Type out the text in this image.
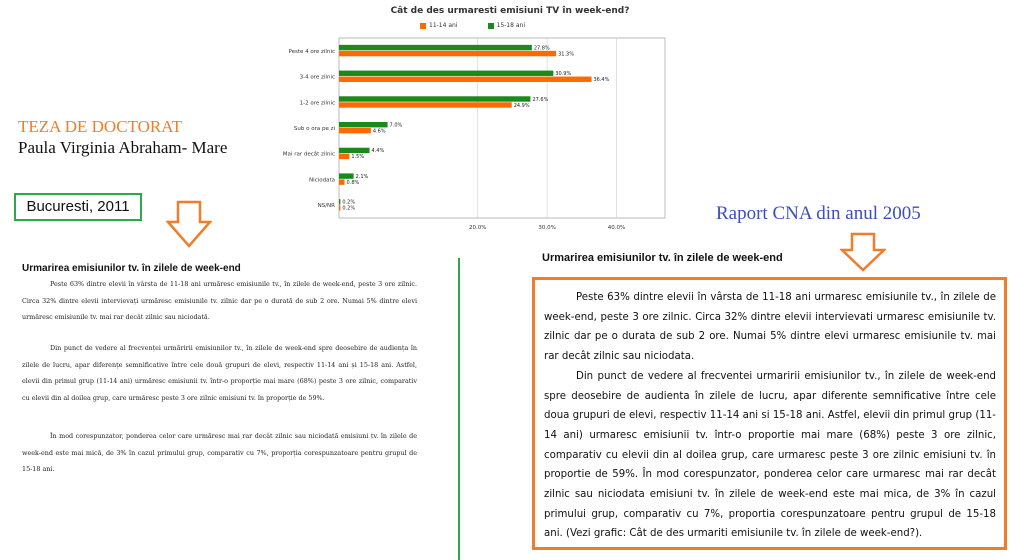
Cât de des urmaresti emisiuni TV în week-end?
11-14 ani	15-18 ani
20.0%	30.0%	40.0%
Peste 4 ore zilnic
27.8%
31.3%
3-4 ore zilnic
30.9%
36.4%
1-2 ore zilnic
27.6%
24.9%
Sub o ora pe zi
7.0%
4.6%
Mai rar decât zilnic
4.4%
1.5%
Niciodata
2.1%
0.8%
NS/NR
0.2%
0.2%
TEZA DE DOCTORAT
Paula Virginia Abraham- Mare
Bucuresti, 2011
Urmarirea emisiunilor tv. în zilele de week-end

Peste 63% dintre elevii în vârsta de 11-18 ani urmăresc emisiunile tv., în zilele de week-end, peste 3 ore zilnic. Circa 32% dintre elevii intervievați urmăresc emisiunile tv. zilnic dar pe o durată de sub 2 ore. Numai 5% dintre elevi urmăresc emisiunile tv. mai rar decât zilnic sau niciodată.

Din punct de vedere al frecvenței urmăririi emisiunilor tv., în zilele de week-end spre deosebire de audiența în zilele de lucru, apar diferențe semnificative între cele două grupuri de elevi, respectiv 11-14 ani și 15-18 ani. Astfel, elevii din primul grup (11-14 ani) urmăresc emisiunii tv. într-o proporție mai mare (68%) peste 3 ore zilnic, comparativ cu elevii din al doilea grup, care urmăresc peste 3 ore zilnic emisiuni tv. în proporție de 59%.

În mod corespunzator, ponderea celor care urmăresc mai rar decât zilnic sau niciodată emisiuni tv. în zilele de week-end este mai mică, de 3% în cazul primului grup, comparativ cu 7%, proporția corespunzatoare pentru grupul de 15-18 ani.

Raport CNA din anul 2005
Urmarirea emisiunilor tv. în zilele de week-end

Peste 63% dintre elevii în vârsta de 11-18 ani urmaresc emisiunile tv., în zilele de week-end, peste 3 ore zilnic. Circa 32% dintre elevii intervievati urmaresc emisiunile tv. zilnic dar pe o durata de sub 2 ore. Numai 5% dintre elevi urmaresc emisiunile tv. mai rar decât zilnic sau niciodata.

Din punct de vedere al frecventei urmaririi emisiunilor tv., în zilele de week-end spre deosebire de audienta în zilele de lucru, apar diferente semnificative între cele doua grupuri de elevi, respectiv 11-14 ani si 15-18 ani. Astfel, elevii din primul grup (11-14 ani) urmaresc emisiunii tv. într-o proportie mai mare (68%) peste 3 ore zilnic, comparativ cu elevii din al doilea grup, care urmaresc peste 3 ore zilnic emisiuni tv. în proportie de 59%. În mod corespunzator, ponderea celor care urmaresc mai rar decât zilnic sau niciodata emisiuni tv. în zilele de week-end este mai mica, de 3% în cazul primului grup, comparativ cu 7%, proportia corespunzatoare pentru grupul de 15-18 ani. (Vezi grafic: Cât de des urmariti emisiunile tv. în zilele de week-end?).
